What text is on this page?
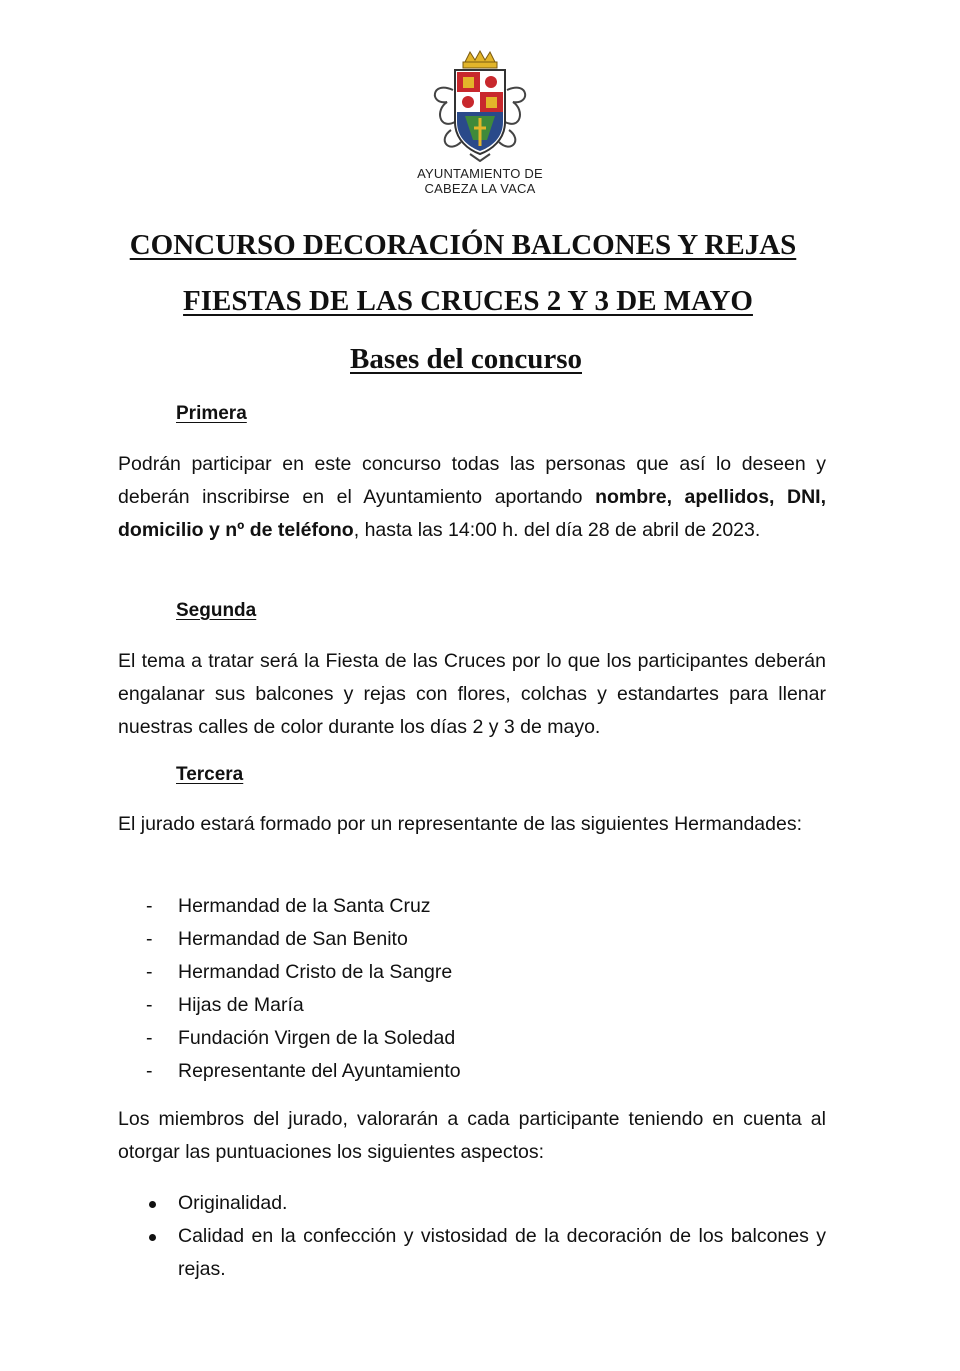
AYUNTAMIENTO DE
CABEZA LA VACA
CONCURSO DECORACIÓN BALCONES Y REJAS
FIESTAS DE LAS CRUCES 2 Y 3 DE MAYO
Bases del concurso
Primera
Podrán participar en este concurso todas las personas que así lo deseen y deberán inscribirse en el Ayuntamiento aportando nombre, apellidos, DNI, domicilio y nº de teléfono, hasta las 14:00 h. del día 28 de abril de 2023.
Segunda
El tema a tratar será la Fiesta de las Cruces por lo que los participantes deberán engalanar sus balcones y rejas con flores, colchas y estandartes para llenar nuestras calles de color durante los días 2 y 3 de mayo.
Tercera
El jurado estará formado por un representante de las siguientes Hermandades:
- Hermandad de la Santa Cruz
- Hermandad de San Benito
- Hermandad Cristo de la Sangre
- Hijas de María
- Fundación Virgen de la Soledad
- Representante del Ayuntamiento
Los miembros del jurado, valorarán a cada participante teniendo en cuenta al otorgar las puntuaciones los siguientes aspectos:
Originalidad.
Calidad en la confección y vistosidad de la decoración de los balcones y rejas.
